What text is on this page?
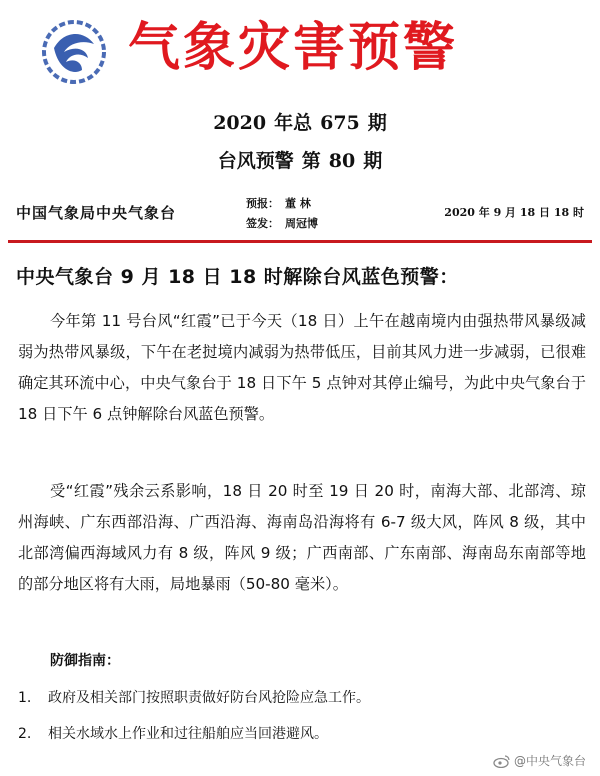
气象灾害预警
2020 年总 675 期
台风预警 第 80 期
中国气象局中央气象台
预报： 董 林
签发： 周冠博
2020 年 9 月 18 日 18 时
中央气象台 9 月 18 日 18 时解除台风蓝色预警：
今年第 11 号台风“红霞”已于今天（18 日）上午在越南境内由强热带风暴级减弱为热带风暴级，下午在老挝境内减弱为热带低压，目前其风力进一步减弱，已很难确定其环流中心，中央气象台于 18 日下午 5 点钟对其停止编号，为此中央气象台于 18 日下午 6 点钟解除台风蓝色预警。
受“红霞”残余云系影响，18 日 20 时至 19 日 20 时，南海大部、北部湾、琼州海峡、广东西部沿海、广西沿海、海南岛沿海将有 6-7 级大风，阵风 8 级，其中北部湾偏西海域风力有 8 级，阵风 9 级；广西南部、广东南部、海南岛东南部等地的部分地区将有大雨，局地暴雨（50-80 毫米）。
防御指南：
1. 政府及相关部门按照职责做好防台风抢险应急工作。
2. 相关水域水上作业和过往船舶应当回港避风。
@中央气象台
